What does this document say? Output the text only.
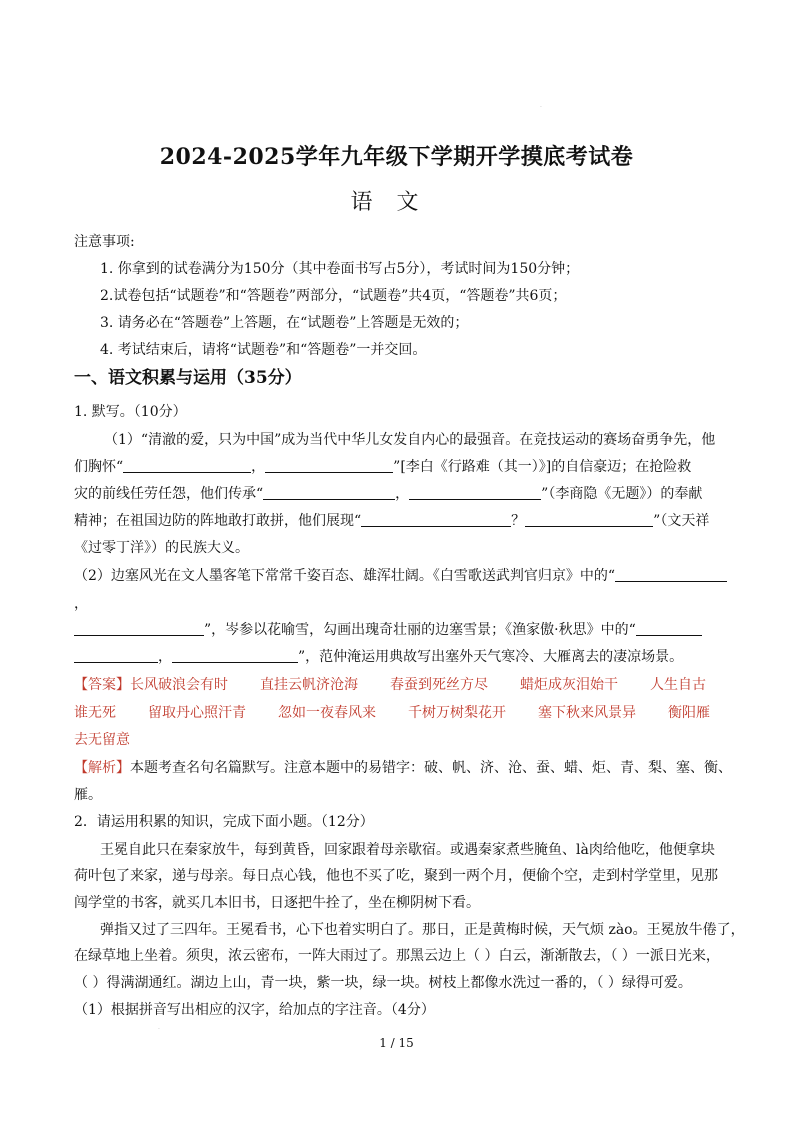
·
2024-2025学年九年级下学期开学摸底考试卷
语文
注意事项:
1. 你拿到的试卷满分为150分（其中卷面书写占5分），考试时间为150分钟；
2.试卷包括“试题卷”和“答题卷”两部分，“试题卷”共4页，“答题卷”共6页；
3. 请务必在“答题卷”上答题，在“试题卷”上答题是无效的；
4. 考试结束后，请将“试题卷”和“答题卷”一并交回。
一、语文积累与运用（35分）
1. 默写。（10分）
（1）“清澈的爱，只为中国”成为当代中华儿女发自内心的最强音。在竞技运动的赛场奋勇争先，他
们胸怀“	，	”[李白《行路难（其一）》]的自信豪迈；在抢险救
灾的前线任劳任怨，他们传承“	，	”（李商隐《无题》）的奉献
精神；在祖国边防的阵地敢打敢拼，他们展现“	？	”（文天祥
《过零丁洋》）的民族大义。
（2）边塞风光在文人墨客笔下常常千姿百态、雄浑壮阔。《白雪歌送武判官归京》中的“
，
”，岑参以花喻雪，勾画出瑰奇壮丽的边塞雪景；《渔家傲·秋思》中的“
，	”，范仲淹运用典故写出塞外天气寒冷、大雁离去的凄凉场景。
【答案】长风破浪会有时 直挂云帆济沧海 春蚕到死丝方尽 蜡炬成灰泪始干 人生自古
谁无死 留取丹心照汗青 忽如一夜春风来 千树万树梨花开 塞下秋来风景异 衡阳雁
去无留意
【解析】本题考查名句名篇默写。注意本题中的易错字：破、帆、济、沧、蚕、蜡、炬、青、梨、塞、衡、
雁。
2．请运用积累的知识，完成下面小题。（12分）
王冕自此只在秦家放牛，每到黄昏，回家跟着母亲歇宿。或遇秦家煮些腌鱼、là肉给他吃，他便拿块
荷叶包了来家，递与母亲。每日点心钱，他也不买了吃，聚到一两个月，便偷个空，走到村学堂里，见那
闯学堂的书客，就买几本旧书，日逐把牛拴了，坐在柳阴树下看。
弹指又过了三四年。王冕看书，心下也着实明白了。那日，正是黄梅时候，天气烦 zào。王冕放牛倦了，
在绿草地上坐着。须臾，浓云密布，一阵大雨过了。那黑云边上（ ）白云，渐渐散去，（ ）一派日光来，
（ ）得满湖通红。湖边上山，青一块，紫一块，绿一块。树枝上都像水洗过一番的，（ ）绿得可爱。
（1）根据拼音写出相应的汉字，给加点的字注音。（4分）
·
1 / 15
